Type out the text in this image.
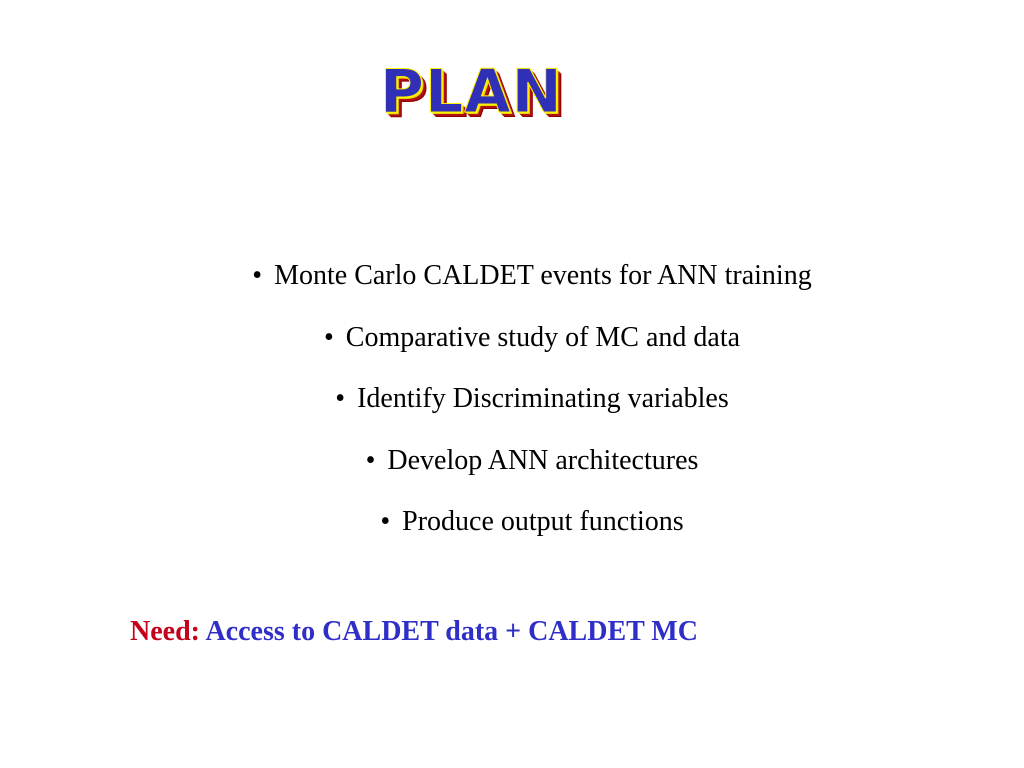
PLAN
• Monte Carlo CALDET events for ANN training
• Comparative study of MC and data
• Identify Discriminating variables
• Develop ANN architectures
• Produce output functions
Need: Access to CALDET data + CALDET MC
